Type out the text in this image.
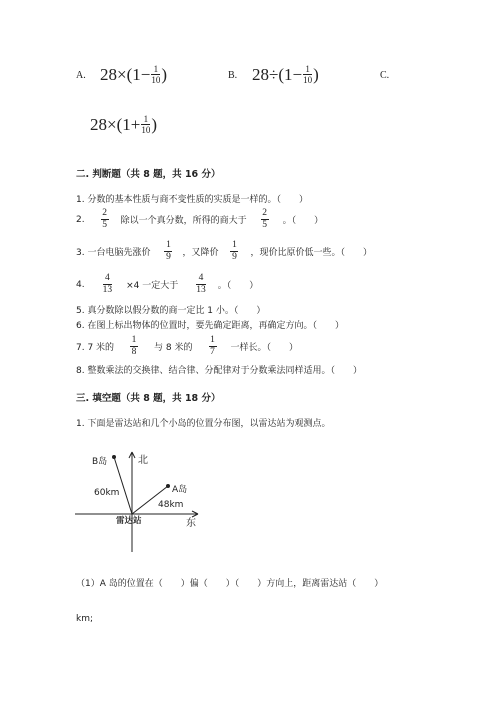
A. $28\times(1- \frac{1}{10}$ )	B. $28\div(1- \frac{1}{10}$ )	C.
$28\times(1+ \frac{1}{10}$ )
二. 判断题（共 8 题，共 16 分）
1. 分数的基本性质与商不变性质的实质是一样的。（　　）
2. $\frac{2}{5}$ 除以一个真分数，所得的商大于 $\frac{2}{5}$ 。（　　）
3. 一台电脑先涨价 $\frac{1}{9}$ ，又降价 $\frac{1}{9}$ ，现价比原价低一些。（　　）
4. $\frac{4}{13} \times 4$ 一定大于 $\frac{4}{13}$ 。（　　）
5. 真分数除以假分数的商一定比 1 小。（　　）
6. 在图上标出物体的位置时，要先确定距离，再确定方向。（　　）
7. 7 米的 $\frac{1}{8}$ 与 8 米的 $\frac{1}{7}$ 一样长。（　　）
8. 整数乘法的交换律、结合律、分配律对于分数乘法同样适用。（　　）
三. 填空题（共 8 题，共 18 分）
1. 下面是雷达站和几个小岛的位置分布图，以雷达站为观测点。
B岛	北
60km	A岛
48km
雷达站	东
（1）A 岛的位置在（　　）偏（　　）（　　）方向上，距离雷达站（　　）
km;
